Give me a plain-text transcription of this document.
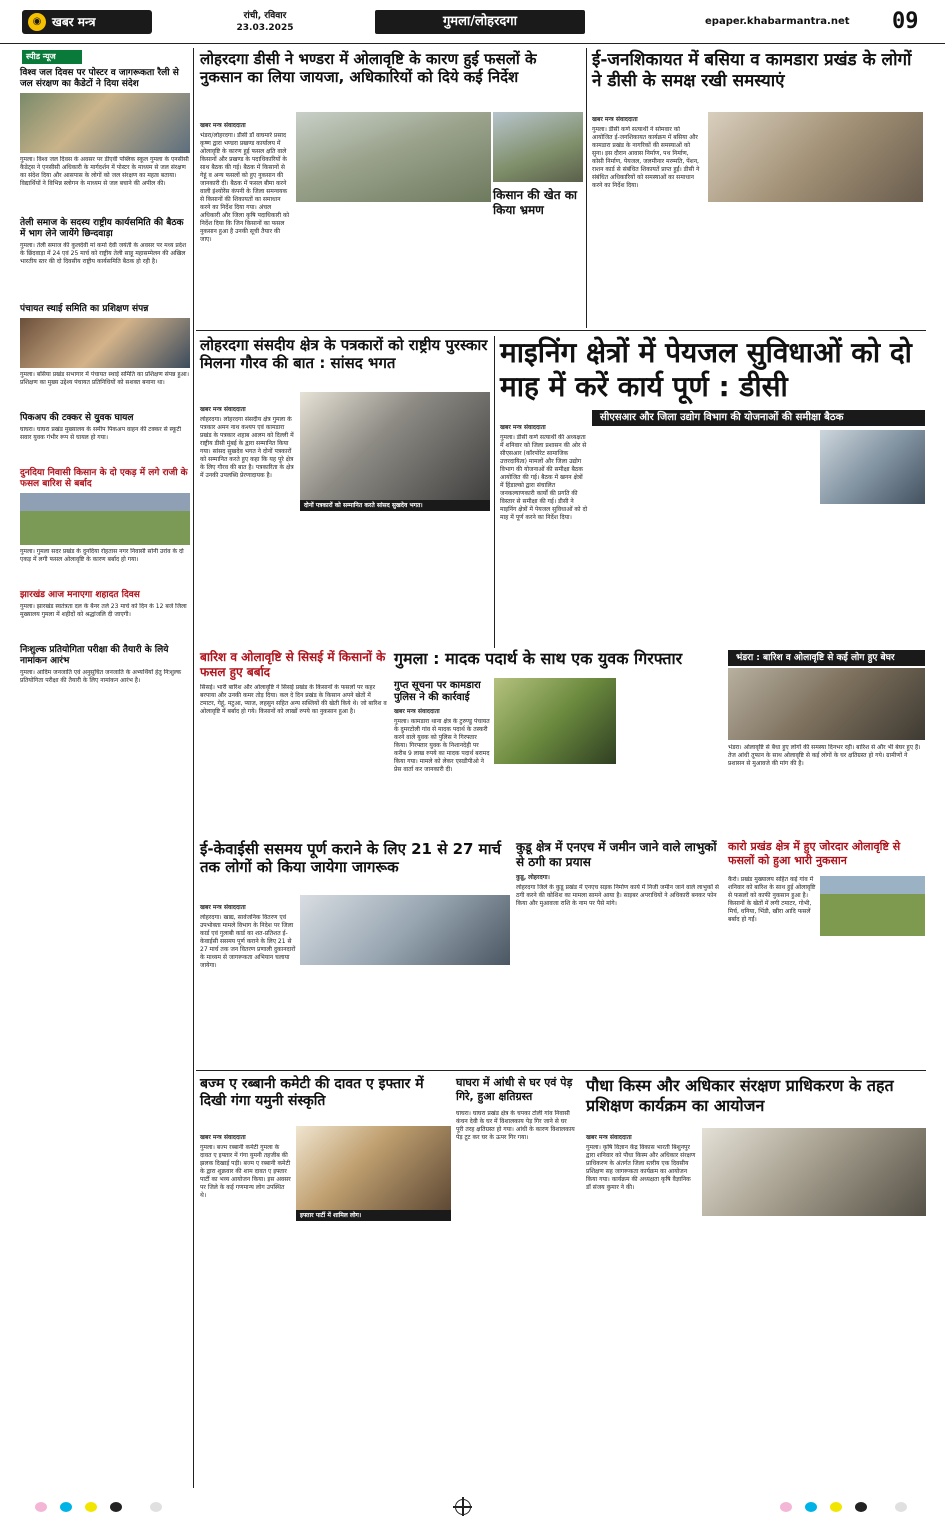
◉ खबर मन्त्र	रांची, रविवार
23.03.2025	गुमला/लोहरदगा	epaper.khabarmantra.net 09
स्पीड न्यूज
विश्व जल दिवस पर पोस्टर व जागरूकता रैली से जल संरक्षण का कैडेटों ने दिया संदेश
गुमला। विश्व जल दिवस के अवसर पर डीएवी पब्लिक स्कूल गुमला के एनसीसी कैडेट्स ने एनसीसी अधिकारी के मार्गदर्शन में पोस्टर के माध्यम से जल संरक्षण का संदेश दिया और आसपास के लोगों को जल संरक्षण का महत्व बताया। विद्यार्थियों ने विभिन्न स्लोगन के माध्यम से जल बचाने की अपील की।
तेली समाज के सदस्य राष्ट्रीय कार्यसमिति की बैठक में भाग लेने जायेंगे छिन्दवाड़ा
गुमला। तेली समाज की कुलदेवी मां कर्मा देवी जयंती के अवसर पर मध्य प्रदेश के छिंदवाड़ा में 24 एवं 25 मार्च को राष्ट्रीय तेली साहू महासम्मेलन की अखिल भारतीय स्तर की दो दिवसीय राष्ट्रीय कार्यसमिति बैठक हो रही है।
पंचायत स्थाई समिति का प्रशिक्षण संपन्न
गुमला। बसिया प्रखंड सभागार में पंचायत स्थाई समिति का प्रशिक्षण संपन्न हुआ। प्रशिक्षण का मुख्य उद्देश्य पंचायत प्रतिनिधियों को सशक्त बनाना था।
पिकअप की टक्कर से युवक घायल
घाघरा। घाघरा प्रखंड मुख्यालय के समीप पिकअप वाहन की टक्कर से स्कूटी सवार युवक गंभीर रूप से घायल हो गया।
दुनदिया निवासी किसान के दो एकड़ में लगे राजी के फसल बारिश से बर्बाद
गुमला। गुमला सदर प्रखंड के दुनदिया रोहतास नगर निवासी सोनी उरांव के दो एकड़ में लगी फसल ओलावृष्टि के कारण बर्बाद हो गया।
झारखंड आज मनाएगा शहादत दिवस
गुमला। झारखंड स्वतंत्रता दल के बैनर तले 23 मार्च को दिन के 12 बजे जिला मुख्यालय गुमला में शहीदों को श्रद्धांजलि दी जाएगी।
निःशुल्क प्रतियोगिता परीक्षा की तैयारी के लिये नामांकन आरंभ
गुमला। आदिम जनजाति एवं अनुसूचित जनजाति के अभ्यर्थियों हेतु निःशुल्क प्रतियोगिता परीक्षा की तैयारी के लिए नामांकन आरंभ है।
लोहरदगा डीसी ने भण्डरा में ओलावृष्टि के कारण हुई फसलों के नुकसान का लिया जायजा, अधिकारियों को दिये कई निर्देश
खबर मन्त्र संवाददाता
भंडरा/लोहरदगा। डीसी डॉ वाघमारे प्रसाद कृष्ण द्वारा भण्डरा प्रखण्ड कार्यालय में ओलावृष्टि के कारण हुई फसल क्षति वाले किसानों और प्रखण्ड के पदाधिकारियों के साथ बैठक की गई। बैठक में किसानों से गेहूं व अन्य फसलों को हुए नुकसान की जानकारी दी। बैठक में फसल बीमा करने वाली इंश्योरेंस कंपनी के जिला समन्वयक से किसानों की शिकायतों का समाधान करने का निर्देश दिया गया। अंचल अधिकारी और जिला कृषि पदाधिकारी को निर्देश दिया कि जिन किसानों का फसल नुकसान हुआ है उनकी सूची तैयार की जाए।
किसान की खेत का किया भ्रमण
ई-जनशिकायत में बसिया व कामडारा प्रखंड के लोगों ने डीसी के समक्ष रखी समस्याएं
खबर मन्त्र संवाददाता
गुमला। डीसी कर्ण सत्यार्थी ने सोमवार को आयोजित ई-जनशिकायत कार्यक्रम में बसिया और कामडारा प्रखंड के नागरिकों की समस्याओं को सुना। इस दौरान आवास निर्माण, पथ निर्माण, कोसी निर्माण, पेयजल, जलमीनार मरम्मति, पेंशन, राशन कार्ड से संबंधित शिकायतें प्राप्त हुईं। डीसी ने संबंधित अधिकारियों को समस्याओं का समाधान करने का निर्देश दिया।
लोहरदगा संसदीय क्षेत्र के पत्रकारों को राष्ट्रीय पुरस्कार मिलना गौरव की बात : सांसद भगत
खबर मन्त्र संवाददाता
लोहरदगा। लोहरदगा संसदीय क्षेत्र गुमला के पत्रकार अमन नाथ कश्यप एवं कामडारा प्रखंड के पत्रकार शहाब आलम को दिल्ली में राष्ट्रीय डीसी मुंबई के द्वारा सम्मानित किया गया। सांसद सुखदेव भगत ने दोनों पत्रकारों को सम्मानित करते हुए कहा कि यह पूरे क्षेत्र के लिए गौरव की बात है। पत्रकारिता के क्षेत्र में उनकी उपलब्धि प्रेरणादायक है।
दोनों पत्रकारों को सम्मानित करते सांसद सुखदेव भगत।
माइनिंग क्षेत्रों में पेयजल सुविधाओं को दो माह में करें कार्य पूर्ण : डीसी
सीएसआर और जिला उद्योग विभाग की योजनाओं की समीक्षा बैठक
खबर मन्त्र संवाददाता
गुमला। डीसी कर्ण सत्यार्थी की अध्यक्षता में शनिवार को जिला प्रशासन की ओर से सीएसआर (कॉरपोरेट सामाजिक उत्तरदायित्व) मामलों और जिला उद्योग विभाग की योजनाओं की समीक्षा बैठक आयोजित की गई। बैठक में खनन क्षेत्रों में हिंडाल्को द्वारा संचालित जनकल्याणकारी कार्यों की प्रगति की विस्तार से समीक्षा की गई। डीसी ने माइनिंग क्षेत्रों में पेयजल सुविधाओं को दो माह में पूर्ण करने का निर्देश दिया।
बारिश व ओलावृष्टि से सिसई में किसानों के फसल हुए बर्बाद
सिसई। भारी बारिश और ओलावृष्टि ने सिसई प्रखंड के किसानों के फसलों पर कहर बरपाया और उनकी कमर तोड़ दिया। कल दे दिन प्रखंड के किसान अपने खेतों में टमाटर, गेहूं, मटुआ, प्याज, लहसुन सहित अन्य सब्जियों की खेती किये थे। जो बारिश व ओलावृष्टि में बर्बाद हो गये। किसानों को लाखों रुपये का नुकसान हुआ है।
गुमला : मादक पदार्थ के साथ एक युवक गिरफ्तार
गुप्त सूचना पर कामडारा पुलिस ने की कार्रवाई
खबर मन्त्र संवाददाता
गुमला। कामडारा थाना क्षेत्र के टुरुण्डु पंचायत के दुमरटोली गांव से मादक पदार्थ के तस्करी करने वाले युवक को पुलिस ने गिरफ्तार किया। गिरफ्तार युवक के निशानदेही पर करीब 9 लाख रुपये का मादक पदार्थ बरामद किया गया। मामले को लेकर एसडीपीओ ने प्रेस वार्ता कर जानकारी दी।
भंडरा : बारिश व ओलावृष्टि से कई लोग हुए बेघर
भंडरा। ओलावृष्टि से बैधा हुए लोगों की समस्या दिनभर रही। बारिश से और भी बेघर हुए हैं। तेज आंधी तूफान के साथ ओलावृष्टि से कई लोगों के घर क्षतिग्रस्त हो गये। ग्रामीणों ने प्रशासन से मुआवजे की मांग की है।
कारो प्रखंड क्षेत्र में हुए जोरदार ओलावृष्टि से फसलों को हुआ भारी नुकसान
कैरो। प्रखंड मुख्यालय सहित कई गांव में शनिवार को बारिश के साथ हुई ओलावृष्टि से फसलों को काफी नुकसान हुआ है। किसानों के खेतों में लगी टमाटर, गोभी, मिर्च, धनिया, भिंडी, खीरा आदि फसलें बर्बाद हो गईं।
ई-केवाईसी ससमय पूर्ण कराने के लिए 21 से 27 मार्च तक लोगों को किया जायेगा जागरूक
खबर मन्त्र संवाददाता
लोहरदगा। खाद्य, सार्वजनिक वितरण एवं उपभोक्ता मामले विभाग के निदेश पर जिला कार्ड एवं गुलाबी कार्ड का शत-प्रतिशत ई-केवाईसी ससमय पूर्ण कराने के लिए 21 से 27 मार्च तक जन वितरण प्रणाली दुकानदारों के माध्यम से जागरूकता अभियान चलाया जायेगा।
कुडू क्षेत्र में एनएच में जमीन जाने वाले लाभुकों से ठगी का प्रयास
कुडू, लोहरदगा।
लोहरदगा जिले के कुडू प्रखंड में एनएच सड़क निर्माण कार्य में निजी जमीन जाने वाले लाभुकों से ठगी करने की कोशिश का मामला सामने आया है। साइबर अपराधियों ने अधिकारी बनकर फोन किया और मुआवजा राशि के नाम पर पैसे मांगे।
बज्म ए रब्बानी कमेटी की दावत ए इफ्तार में दिखी गंगा यमुनी संस्कृति
खबर मन्त्र संवाददाता
गुमला। बज्म रब्बानी कमेटी गुमला के दावत ए इफ्तार में गंगा युमनी तहजीब की झलक दिखाई पड़ी। बज्म ए रब्बानी कमेटी के द्वारा शुक्रवार की शाम दावत ए इफ्तार पार्टी का भव्य आयोजन किया। इस अवसर पर जिले के कई गणमान्य लोग उपस्थित थे।
इफ्तार पार्टी में शामिल लोग।
घाघरा में आंधी से घर एवं पेड़ गिरे, हुआ क्षतिग्रस्त
घाघरा। घाघरा प्रखंड क्षेत्र के चपका टोली गांव निवासी कंचन देवी के घर में विशालकाय पेड़ गिर जाने से घर पूरी तरह क्षतिग्रस्त हो गया। आंधी के कारण विशालकाय पेड़ टूट कर घर के ऊपर गिर गया।
पौधा किस्म और अधिकार संरक्षण प्राधिकरण के तहत प्रशिक्षण कार्यक्रम का आयोजन
खबर मन्त्र संवाददाता
गुमला। कृषि विज्ञान केंद्र विकास भारती बिशुनपुर द्वारा शनिवार को पौधा किस्म और अधिकार संरक्षण प्राधिकरण के अंतर्गत जिला स्तरीय एक दिवसीय प्रशिक्षण सह जागरूकता कार्यक्रम का आयोजन किया गया। कार्यक्रम की अध्यक्षता कृषि वैज्ञानिक डॉ संजय कुमार ने की।
